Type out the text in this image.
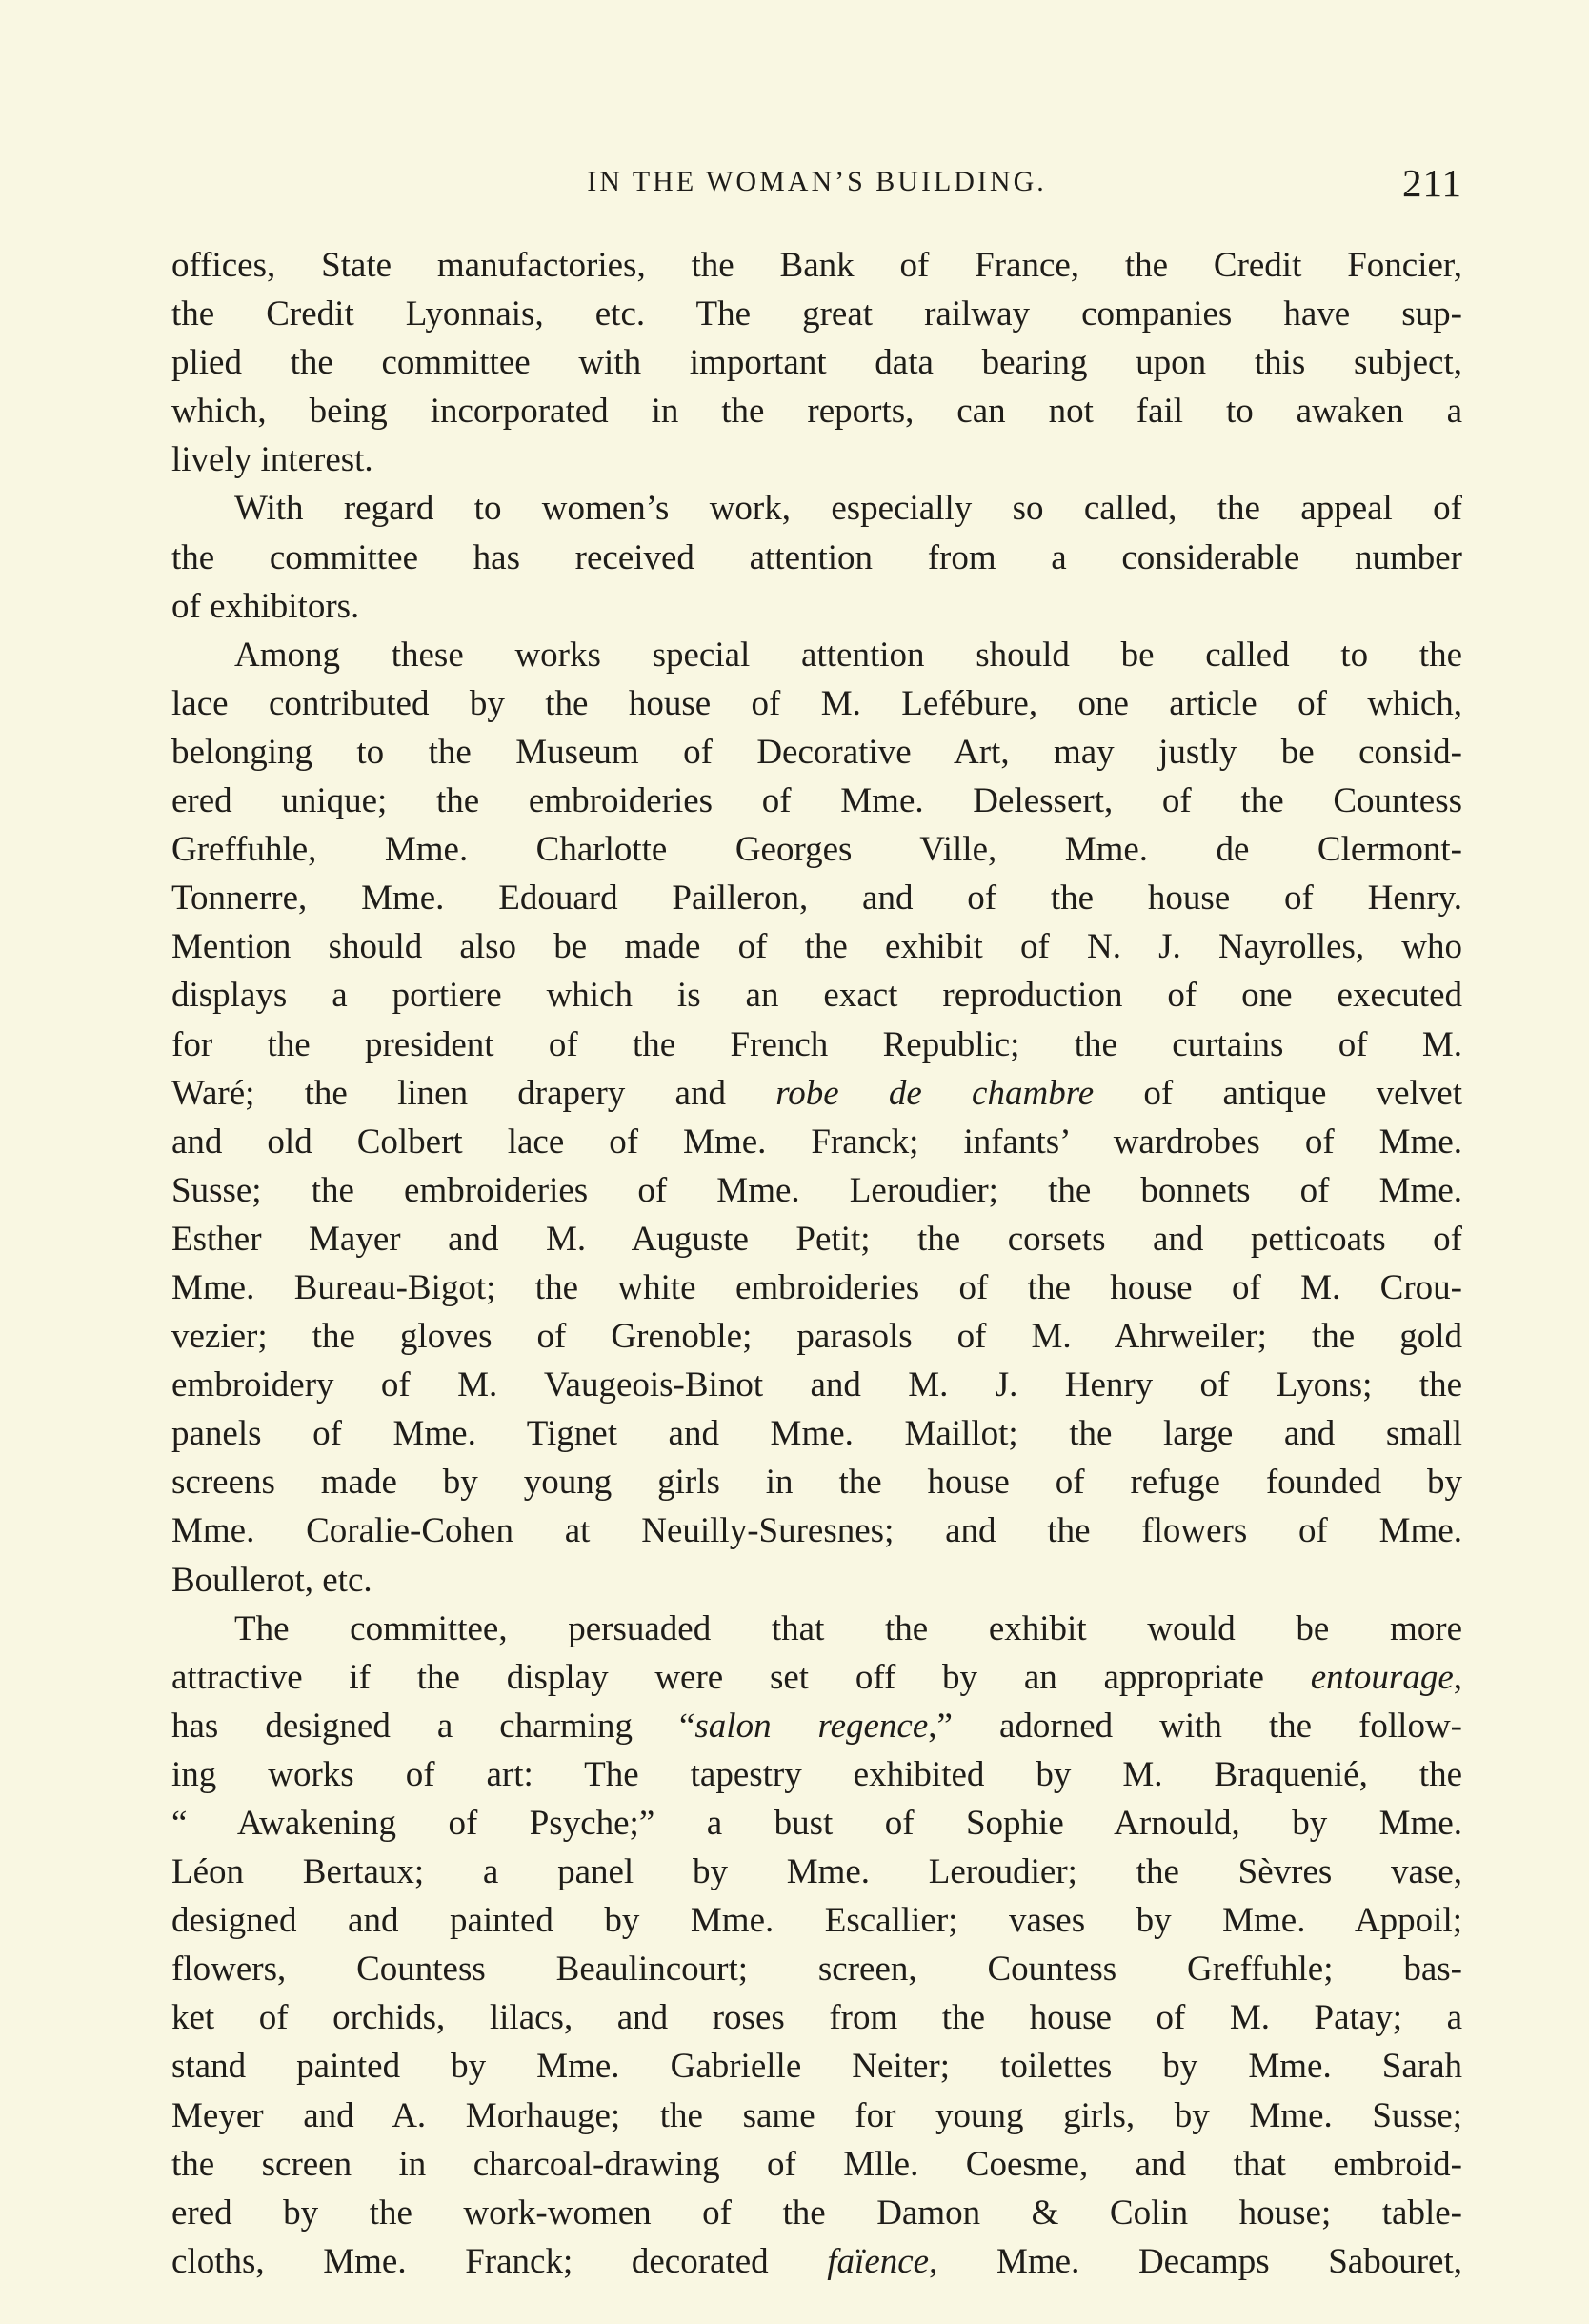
IN THE WOMAN’S BUILDING.	211
offices, State manufactories, the Bank of France, the Credit Foncier,
the Credit Lyonnais, etc. The great railway companies have sup-
plied the committee with important data bearing upon this subject,
which, being incorporated in the reports, can not fail to awaken a
lively interest.
With regard to women’s work, especially so called, the appeal of
the committee has received attention from a considerable number
of exhibitors.
Among these works special attention should be called to the
lace contributed by the house of M. Lefébure, one article of which,
belonging to the Museum of Decorative Art, may justly be consid-
ered unique; the embroideries of Mme. Delessert, of the Countess
Greffuhle, Mme. Charlotte Georges Ville, Mme. de Clermont-
Tonnerre, Mme. Edouard Pailleron, and of the house of Henry.
Mention should also be made of the exhibit of N. J. Nayrolles, who
displays a portiere which is an exact reproduction of one executed
for the president of the French Republic; the curtains of M.
Waré; the linen drapery and robe de chambre of antique velvet
and old Colbert lace of Mme. Franck; infants’ wardrobes of Mme.
Susse; the embroideries of Mme. Leroudier; the bonnets of Mme.
Esther Mayer and M. Auguste Petit; the corsets and petticoats of
Mme. Bureau-Bigot; the white embroideries of the house of M. Crou-
vezier; the gloves of Grenoble; parasols of M. Ahrweiler; the gold
embroidery of M. Vaugeois-Binot and M. J. Henry of Lyons; the
panels of Mme. Tignet and Mme. Maillot; the large and small
screens made by young girls in the house of refuge founded by
Mme. Coralie-Cohen at Neuilly-Suresnes; and the flowers of Mme.
Boullerot, etc.
The committee, persuaded that the exhibit would be more
attractive if the display were set off by an appropriate entourage,
has designed a charming “salon regence,” adorned with the follow-
ing works of art: The tapestry exhibited by M. Braquenié, the
“ Awakening of Psyche;” a bust of Sophie Arnould, by Mme.
Léon Bertaux; a panel by Mme. Leroudier; the Sèvres vase,
designed and painted by Mme. Escallier; vases by Mme. Appoil;
flowers, Countess Beaulincourt; screen, Countess Greffuhle; bas-
ket of orchids, lilacs, and roses from the house of M. Patay; a
stand painted by Mme. Gabrielle Neiter; toilettes by Mme. Sarah
Meyer and A. Morhauge; the same for young girls, by Mme. Susse;
the screen in charcoal-drawing of Mlle. Coesme, and that embroid-
ered by the work-women of the Damon & Colin house; table-
cloths, Mme. Franck; decorated faïence, Mme. Decamps Sabouret,
